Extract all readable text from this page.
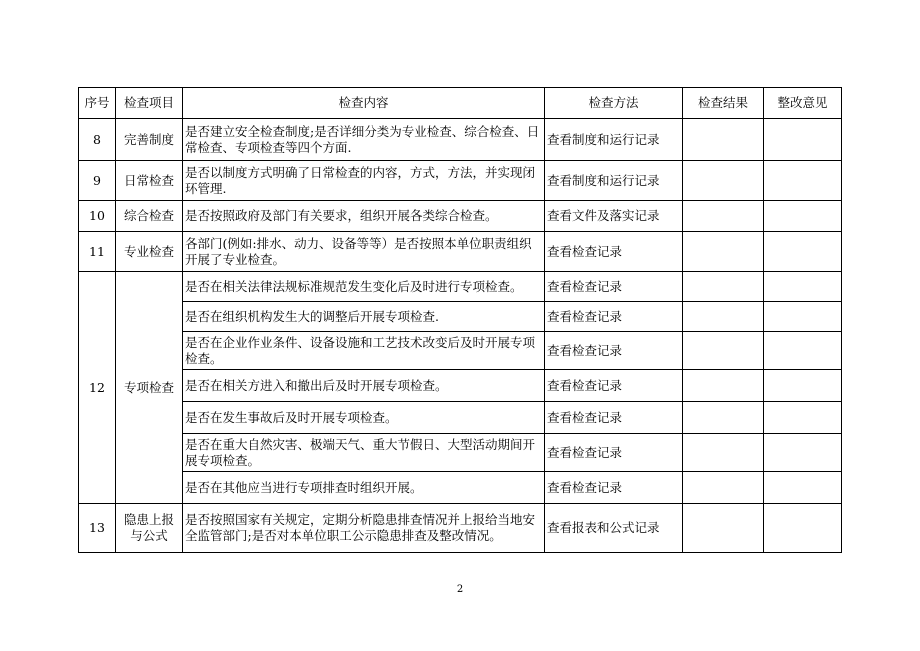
序号	检查项目	检查内容	检查方法	检查结果	整改意见
8	完善制度	是否建立安全检查制度;是否详细分类为专业检查、综合检查、日常检查、专项检查等四个方面.	查看制度和运行记录		
9	日常检查	是否以制度方式明确了日常检查的内容，方式，方法，并实现闭环管理.	查看制度和运行记录		
10	综合检查	是否按照政府及部门有关要求，组织开展各类综合检查。	查看文件及落实记录		
11	专业检查	各部门(例如:排水、动力、设备等等）是否按照本单位职责组织开展了专业检查。	查看检查记录		
12	专项检查	是否在相关法律法规标准规范发生变化后及时进行专项检查。	查看检查记录		
		是否在组织机构发生大的调整后开展专项检查.	查看检查记录		
		是否在企业作业条件、设备设施和工艺技术改变后及时开展专项检查。	查看检查记录		
		是否在相关方进入和撤出后及时开展专项检查。	查看检查记录		
		是否在发生事故后及时开展专项检查。	查看检查记录		
		是否在重大自然灾害、极端天气、重大节假日、大型活动期间开展专项检查。	查看检查记录		
		是否在其他应当进行专项排查时组织开展。	查看检查记录		
13	隐患上报与公式	是否按照国家有关规定，定期分析隐患排查情况并上报给当地安全监管部门;是否对本单位职工公示隐患排查及整改情况。	查看报表和公式记录		
2
